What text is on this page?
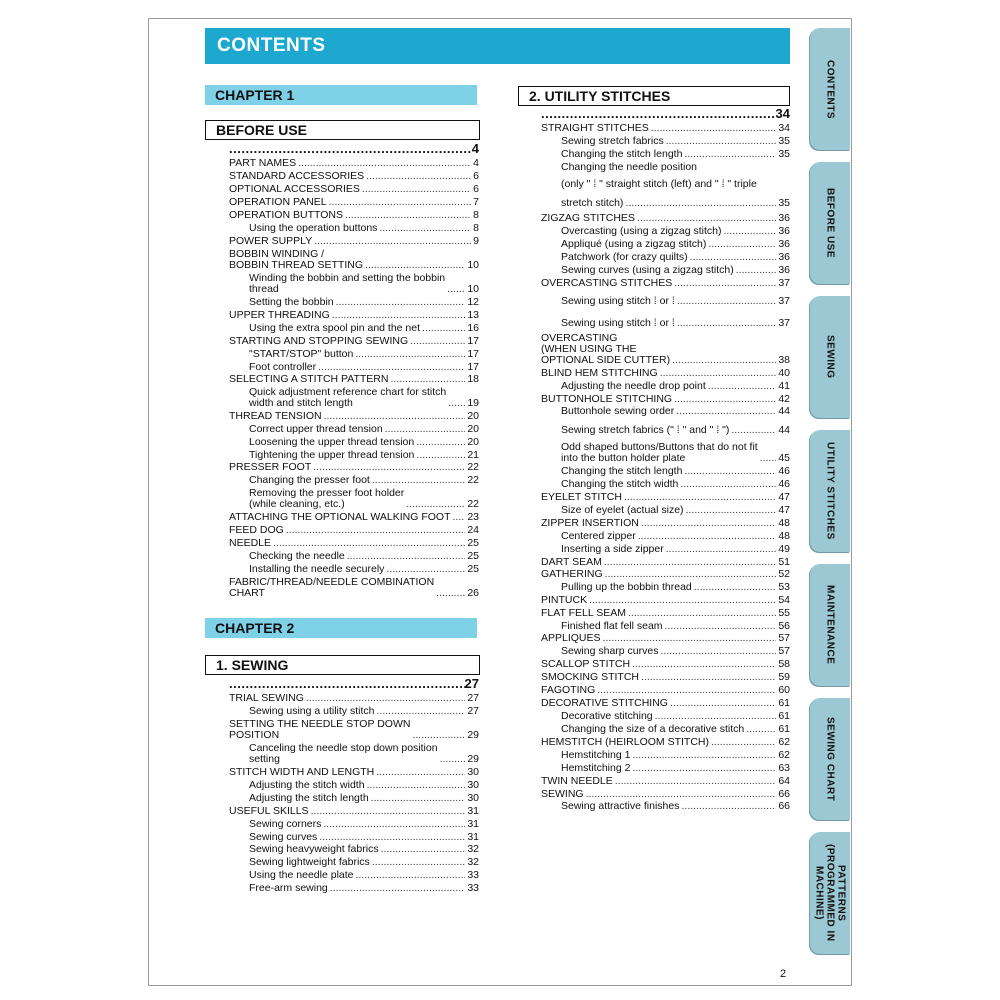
CONTENTS
CHAPTER 1
BEFORE USE
.....
4
PART NAMES .....	4
STANDARD ACCESSORIES .....	6
OPTIONAL ACCESSORIES .....	6
OPERATION PANEL .....	7
OPERATION BUTTONS .....	8
Using the operation buttons .....	8
POWER SUPPLY .....	9
BOBBIN WINDING /
BOBBIN THREAD SETTING .....	10
Winding the bobbin and setting the bobbin
thread .....	10
Setting the bobbin .....	12
UPPER THREADING .....	13
Using the extra spool pin and the net .....	16
STARTING AND STOPPING SEWING .....	17
"START/STOP" button .....	17
Foot controller .....	17
SELECTING A STITCH PATTERN .....	18
Quick adjustment reference chart for stitch
width and stitch length .....	19
THREAD TENSION .....	20
Correct upper thread tension .....	20
Loosening the upper thread tension .....	20
Tightening the upper thread tension .....	21
PRESSER FOOT .....	22
Changing the presser foot .....	22
Removing the presser foot holder
(while cleaning, etc.) .....	22
ATTACHING THE OPTIONAL WALKING FOOT ..... 23
FEED DOG .....	24
NEEDLE .....	25
Checking the needle .....	25
Installing the needle securely .....	25
FABRIC/THREAD/NEEDLE COMBINATION
CHART .....	26
CHAPTER 2
1. SEWING
.....
27
TRIAL SEWING .....	27
Sewing using a utility stitch .....	27
SETTING THE NEEDLE STOP DOWN
POSITION .....	29
Canceling the needle stop down position
setting .....	29
STITCH WIDTH AND LENGTH .....	30
Adjusting the stitch width .....	30
Adjusting the stitch length .....	30
USEFUL SKILLS .....	31
Sewing corners .....	31
Sewing curves .....	31
Sewing heavyweight fabrics .....	32
Sewing lightweight fabrics .....	32
Using the needle plate .....	33
Free-arm sewing .....	33
2. UTILITY STITCHES
.....
34
STRAIGHT STITCHES .....	34
Sewing stretch fabrics .....	35
Changing the stitch length .....	35
Changing the needle position
(only " ⁞ " straight stitch (left) and " ⁞ " triple
stretch stitch) .....	35
ZIGZAG STITCHES .....	36
Overcasting (using a zigzag stitch) .....	36
Appliqué (using a zigzag stitch) .....	36
Patchwork (for crazy quilts) .....	36
Sewing curves (using a zigzag stitch) .....	36
OVERCASTING STITCHES .....	37
Sewing using stitch ⁞ or ⁞ .....	37
Sewing using stitch ⁞ or ⁞ .....	37
OVERCASTING
(WHEN USING THE
OPTIONAL SIDE CUTTER) .....	38
BLIND HEM STITCHING .....	40
Adjusting the needle drop point .....	41
BUTTONHOLE STITCHING .....	42
Buttonhole sewing order .....	44
Sewing stretch fabrics (" ⁞ " and " ⁞ ") .....	44
Odd shaped buttons/Buttons that do not fit
into the button holder plate .....	45
Changing the stitch length .....	46
Changing the stitch width .....	46
EYELET STITCH .....	47
Size of eyelet (actual size) .....	47
ZIPPER INSERTION .....	48
Centered zipper .....	48
Inserting a side zipper .....	49
DART SEAM .....	51
GATHERING .....	52
Pulling up the bobbin thread .....	53
PINTUCK .....	54
FLAT FELL SEAM .....	55
Finished flat fell seam .....	56
APPLIQUES .....	57
Sewing sharp curves .....	57
SCALLOP STITCH .....	58
SMOCKING STITCH .....	59
FAGOTING .....	60
DECORATIVE STITCHING .....	61
Decorative stitching .....	61
Changing the size of a decorative stitch .....	61
HEMSTITCH (HEIRLOOM STITCH) .....	62
Hemstitching 1 .....	62
Hemstitching 2 .....	63
TWIN NEEDLE .....	64
SEWING .....	66
Sewing attractive finishes .....	66
CONTENTS
BEFORE USE
SEWING
UTILITY STITCHES
MAINTENANCE
SEWING CHART
PATTERNS
(PROGRAMMED IN
MACHINE)
2
